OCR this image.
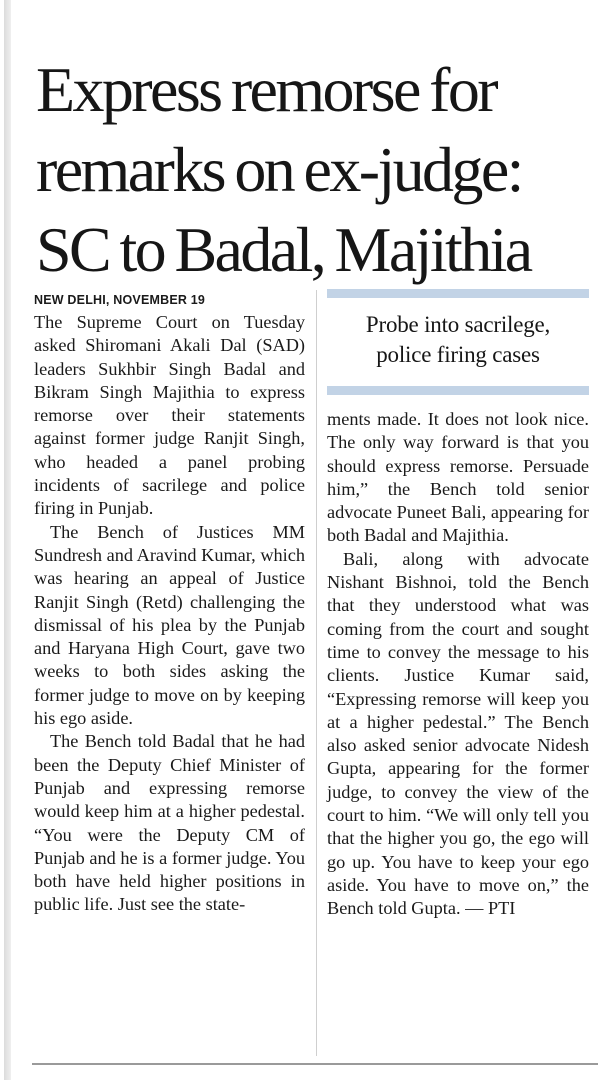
Express remorse for
remarks on ex-judge:
SC to Badal, Majithia
NEW DELHI, NOVEMBER 19

The Supreme Court on Tuesday asked Shiromani Akali Dal (SAD) leaders Sukhbir Singh Badal and Bikram Singh Majithia to express remorse over their statements against former judge Ranjit Singh, who headed a panel probing incidents of sacrilege and police firing in Punjab.

The Bench of Justices MM Sundresh and Aravind Kumar, which was hearing an appeal of Justice Ranjit Singh (Retd) challenging the dismissal of his plea by the Punjab and Haryana High Court, gave two weeks to both sides asking the former judge to move on by keeping his ego aside.

The Bench told Badal that he had been the Deputy Chief Minister of Punjab and expressing remorse would keep him at a higher pedestal. “You were the Deputy CM of Punjab and he is a former judge. You both have held higher positions in public life. Just see the state-

Probe into sacrilege,
police firing cases

ments made. It does not look nice. The only way forward is that you should express remorse. Persuade him,” the Bench told senior advocate Puneet Bali, appearing for both Badal and Majithia.

Bali, along with advocate Nishant Bishnoi, told the Bench that they understood what was coming from the court and sought time to convey the message to his clients. Justice Kumar said, “Expressing remorse will keep you at a higher pedestal.” The Bench also asked senior advocate Nidesh Gupta, appearing for the former judge, to convey the view of the court to him. “We will only tell you that the higher you go, the ego will go up. You have to keep your ego aside. You have to move on,” the Bench told Gupta. — PTI
